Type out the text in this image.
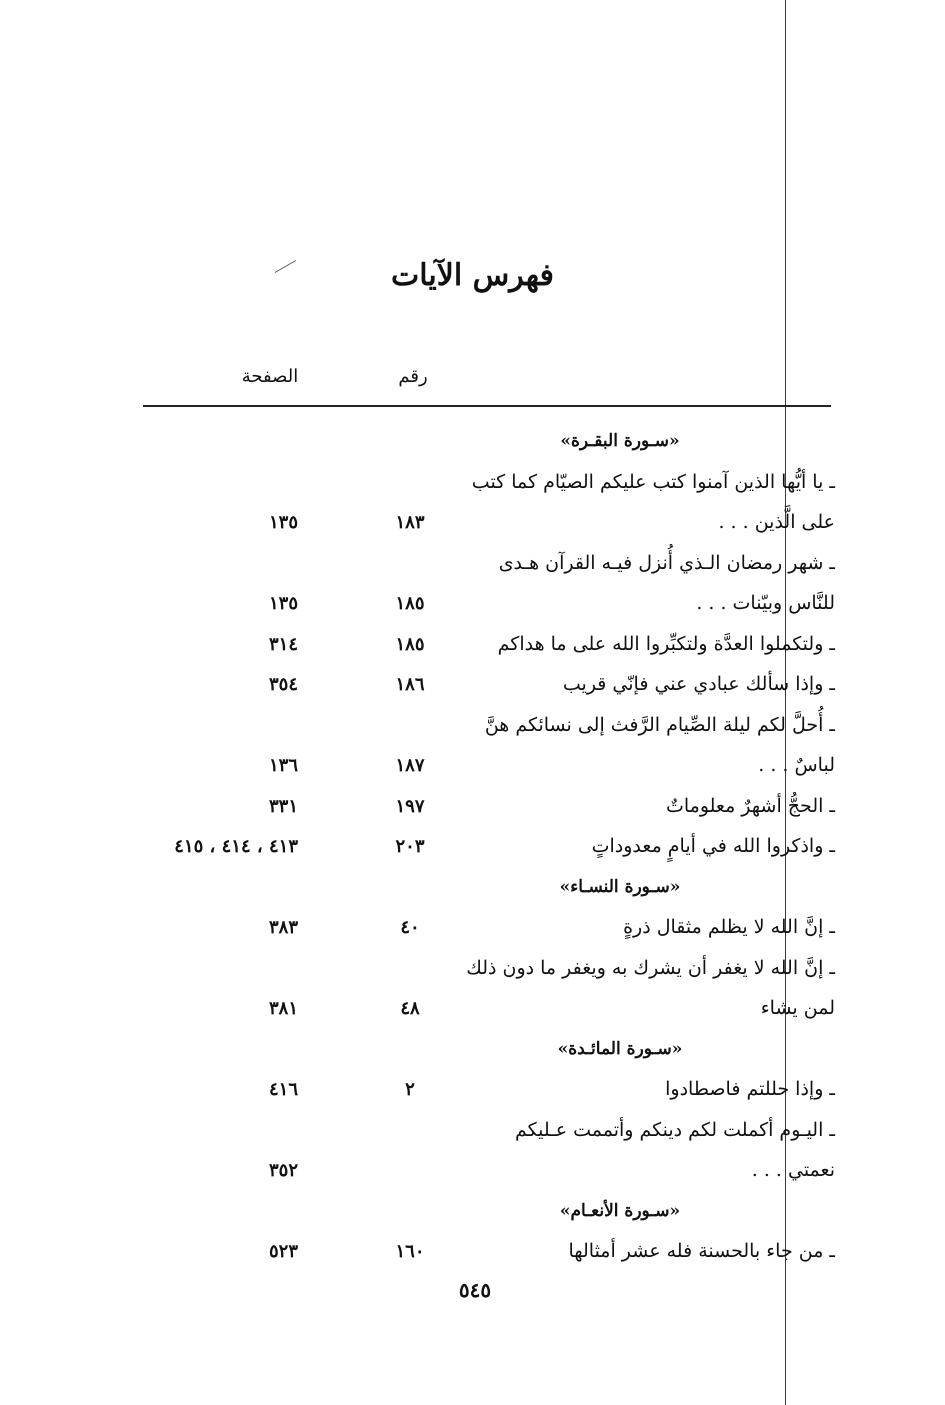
فهرس الآيات
رقم
الصفحة
«سـورة البقـرة»
ـ يا أيُّها الذين آمنوا كتب عليكم الصيّام كما كتب
على الَّذين . . .
١٨٣
١٣٥
ـ شهر رمضان الـذي أُنزل فيـه القرآن هـدى
للنَّاس وبيّنات . . .
١٨٥
١٣٥
ـ ولتكملوا العدَّة ولتكبِّروا الله على ما هداكم
١٨٥
٣١٤
ـ وإذا سألك عبادي عني فإنّي قريب
١٨٦
٣٥٤
ـ أُحلَّ لكم ليلة الصِّيام الرَّفث إلى نسائكم هنَّ
لباسٌ . . .
١٨٧
١٣٦
ـ الحجُّ أشهرٌ معلوماتٌ
١٩٧
٣٣١
ـ واذكروا الله في أيامٍ معدوداتٍ
٢٠٣
٤١٣ ، ٤١٤ ، ٤١٥
«سـورة النسـاء»
ـ إنَّ الله لا يظلم مثقال ذرةٍ
٤٠
٣٨٣
ـ إنَّ الله لا يغفر أن يشرك به ويغفر ما دون ذلك
لمن يشاء
٤٨
٣٨١
«سـورة المائـدة»
ـ وإذا حللتم فاصطادوا
٢
٤١٦
ـ اليـوم أكملت لكم دينكم وأتممت عـليكم
نعمتي . . .
٣٥٢
«سـورة الأنعـام»
ـ من جاء بالحسنة فله عشر أمثالها
١٦٠
٥٢٣
٥٤٥
